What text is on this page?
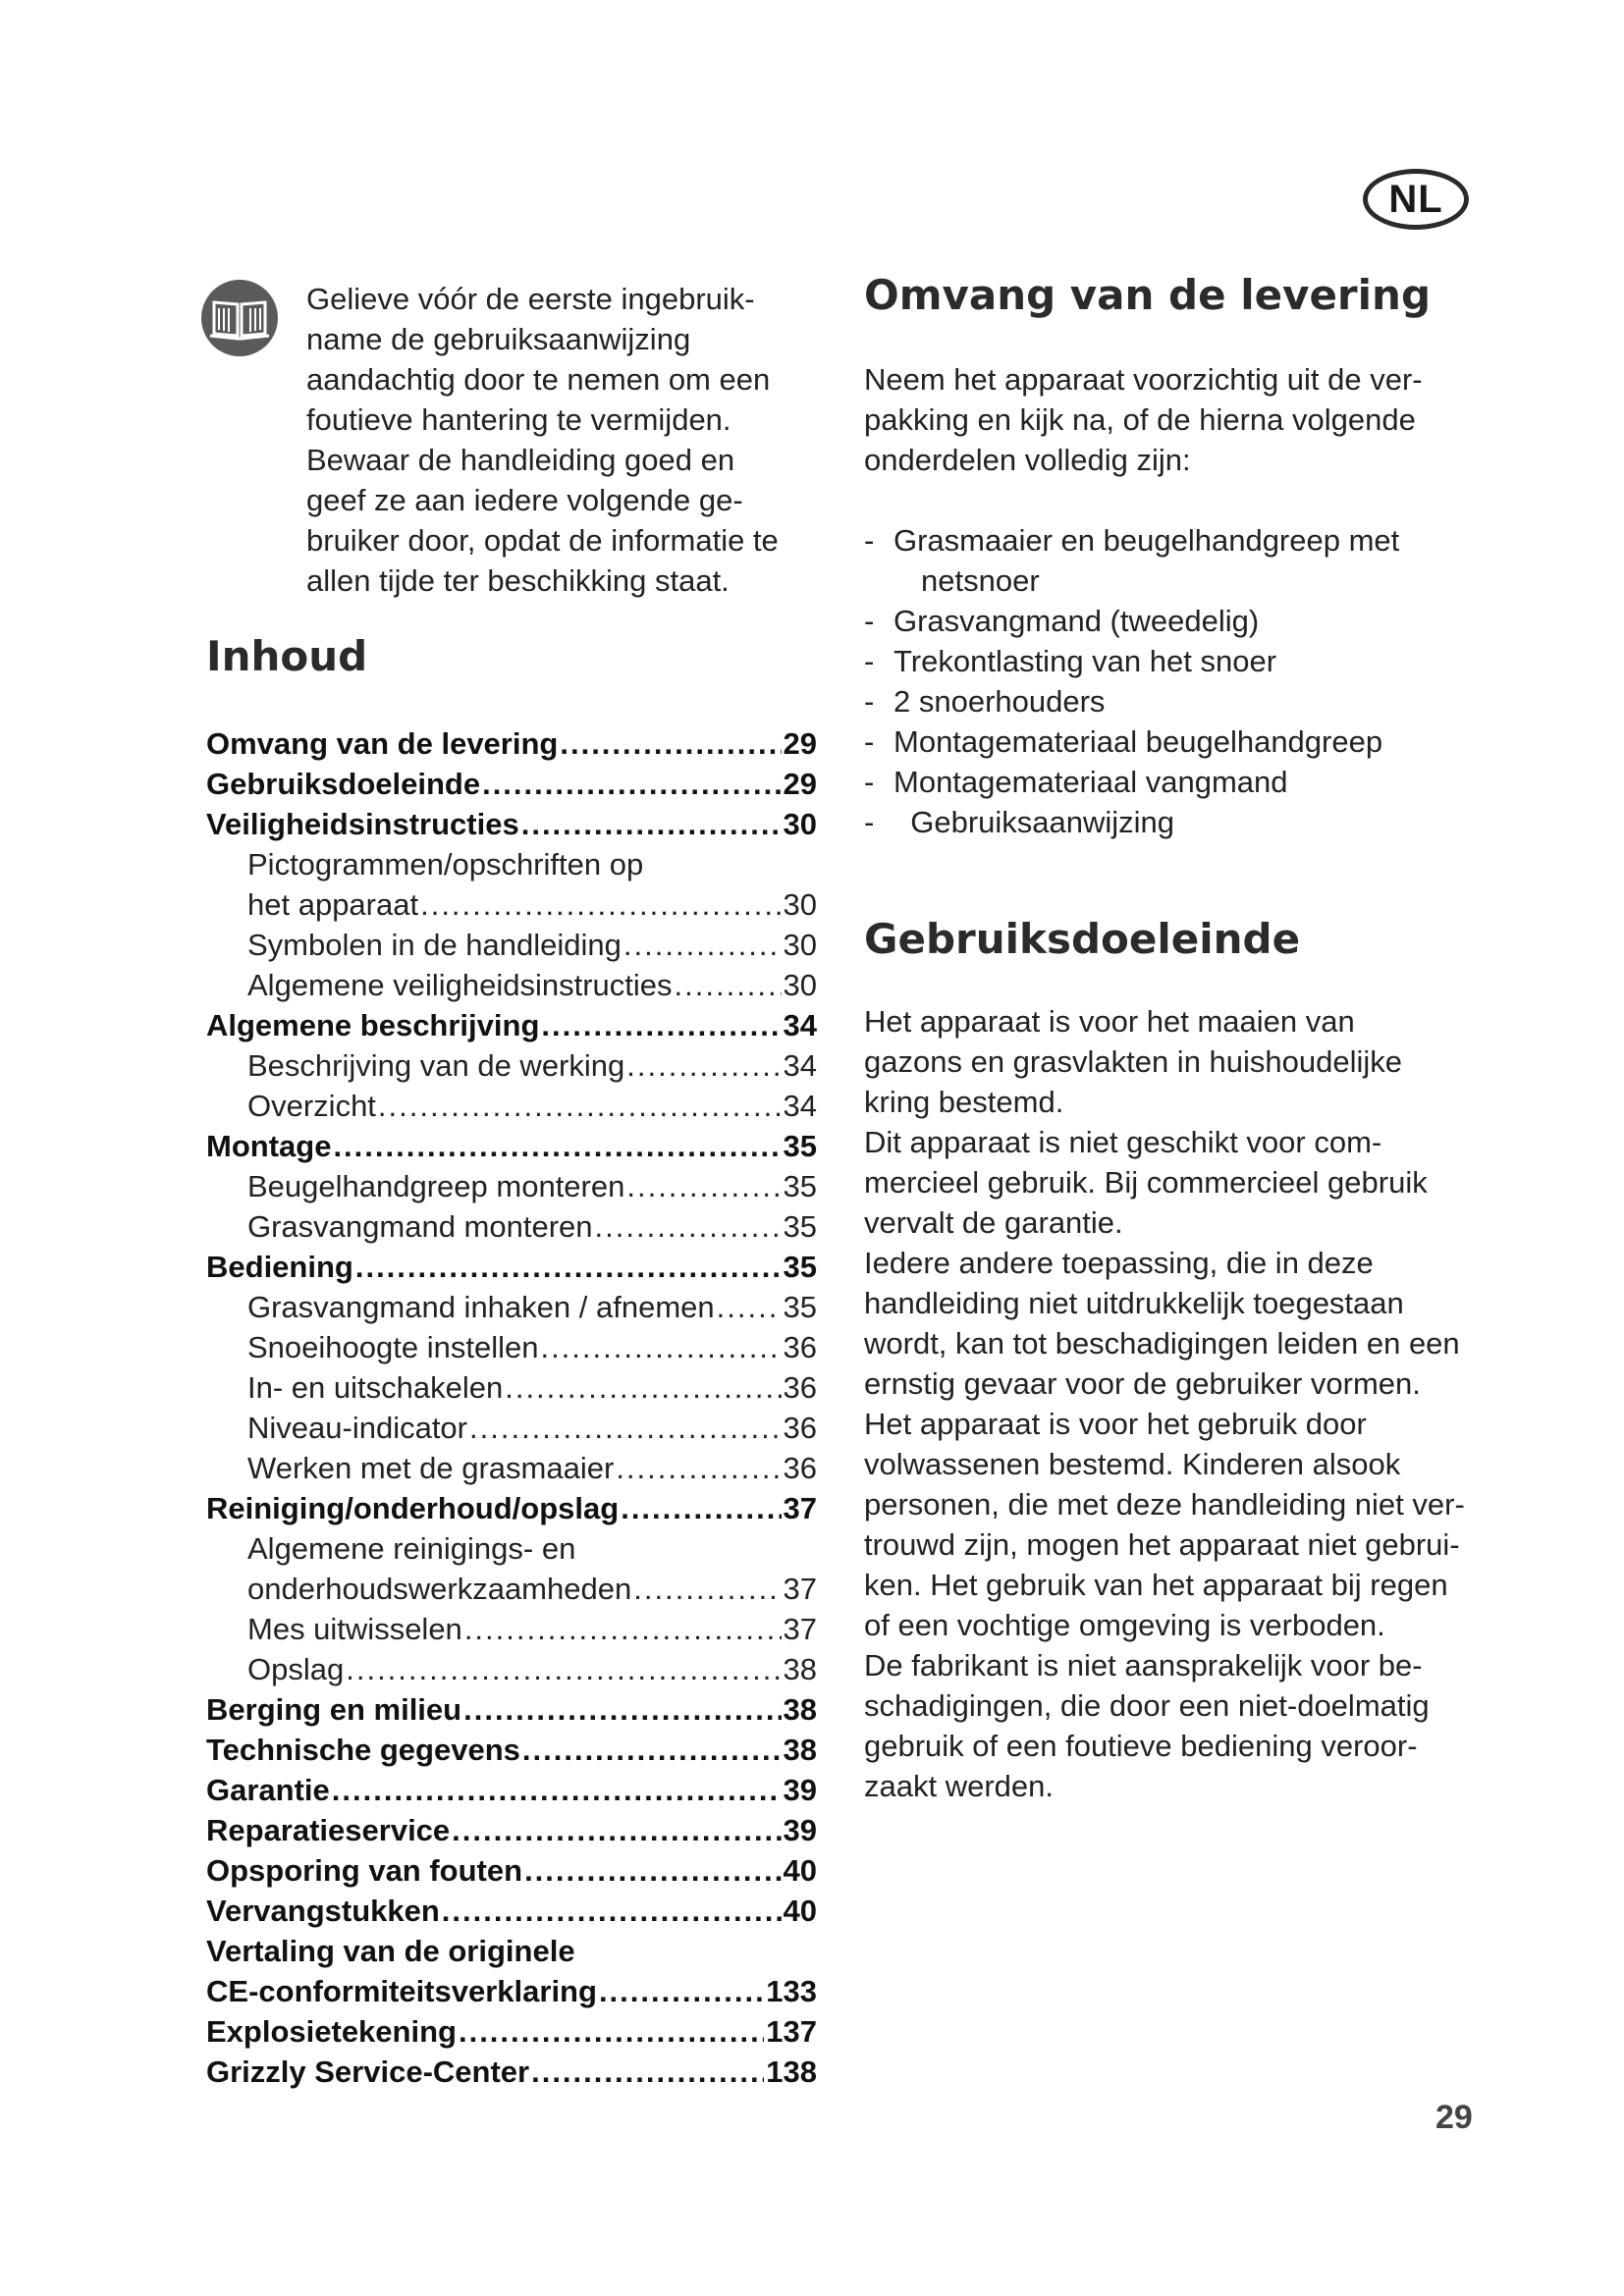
NL
Gelieve vóór de eerste ingebruik-
name de gebruiksaanwijzing
aandachtig door te nemen om een
foutieve hantering te vermijden.
Bewaar de handleiding goed en
geef ze aan iedere volgende ge-
bruiker door, opdat de informatie te
allen tijde ter beschikking staat.
Inhoud
Omvang van de levering .....	29
Gebruiksdoeleinde .....	29
Veiligheidsinstructies .....	30
Pictogrammen/opschriften op
het apparaat .....	30
Symbolen in de handleiding .....	30
Algemene veiligheidsinstructies .....	30
Algemene beschrijving .....	34
Beschrijving van de werking .....	34
Overzicht .....	34
Montage .....	35
Beugelhandgreep monteren .....	35
Grasvangmand monteren .....	35
Bediening .....	35
Grasvangmand inhaken / afnemen ..... 35
Snoeihoogte instellen .....	36
In- en uitschakelen .....	36
Niveau-indicator .....	36
Werken met de grasmaaier .....	36
Reiniging/onderhoud/opslag .....	37
Algemene reinigings- en
onderhoudswerkzaamheden .....	37
Mes uitwisselen .....	37
Opslag .....	38
Berging en milieu .....	38
Technische gegevens .....	38
Garantie .....	39
Reparatieservice .....	39
Opsporing van fouten .....	40
Vervangstukken .....	40
Vertaling van de originele
CE-conformiteitsverklaring .....	133
Explosietekening .....	137
Grizzly Service-Center .....	138
Omvang van de levering
Neem het apparaat voorzichtig uit de ver-
pakking en kijk na, of de hierna volgende
onderdelen volledig zijn:
- Grasmaaier en beugelhandgreep met
netsnoer
- Grasvangmand (tweedelig)
- Trekontlasting van het snoer
- 2 snoerhouders
- Montagemateriaal beugelhandgreep
- Montagemateriaal vangmand
- Gebruiksaanwijzing
Gebruiksdoeleinde
Het apparaat is voor het maaien van
gazons en grasvlakten in huishoudelijke
kring bestemd.
Dit apparaat is niet geschikt voor com-
mercieel gebruik. Bij commercieel gebruik
vervalt de garantie.
Iedere andere toepassing, die in deze
handleiding niet uitdrukkelijk toegestaan
wordt, kan tot beschadigingen leiden en een
ernstig gevaar voor de gebruiker vormen.
Het apparaat is voor het gebruik door
volwassenen bestemd. Kinderen alsook
personen, die met deze handleiding niet ver-
trouwd zijn, mogen het apparaat niet gebrui-
ken. Het gebruik van het apparaat bij regen
of een vochtige omgeving is verboden.
De fabrikant is niet aansprakelijk voor be-
schadigingen, die door een niet-doelmatig
gebruik of een foutieve bediening veroor-
zaakt werden.
29
